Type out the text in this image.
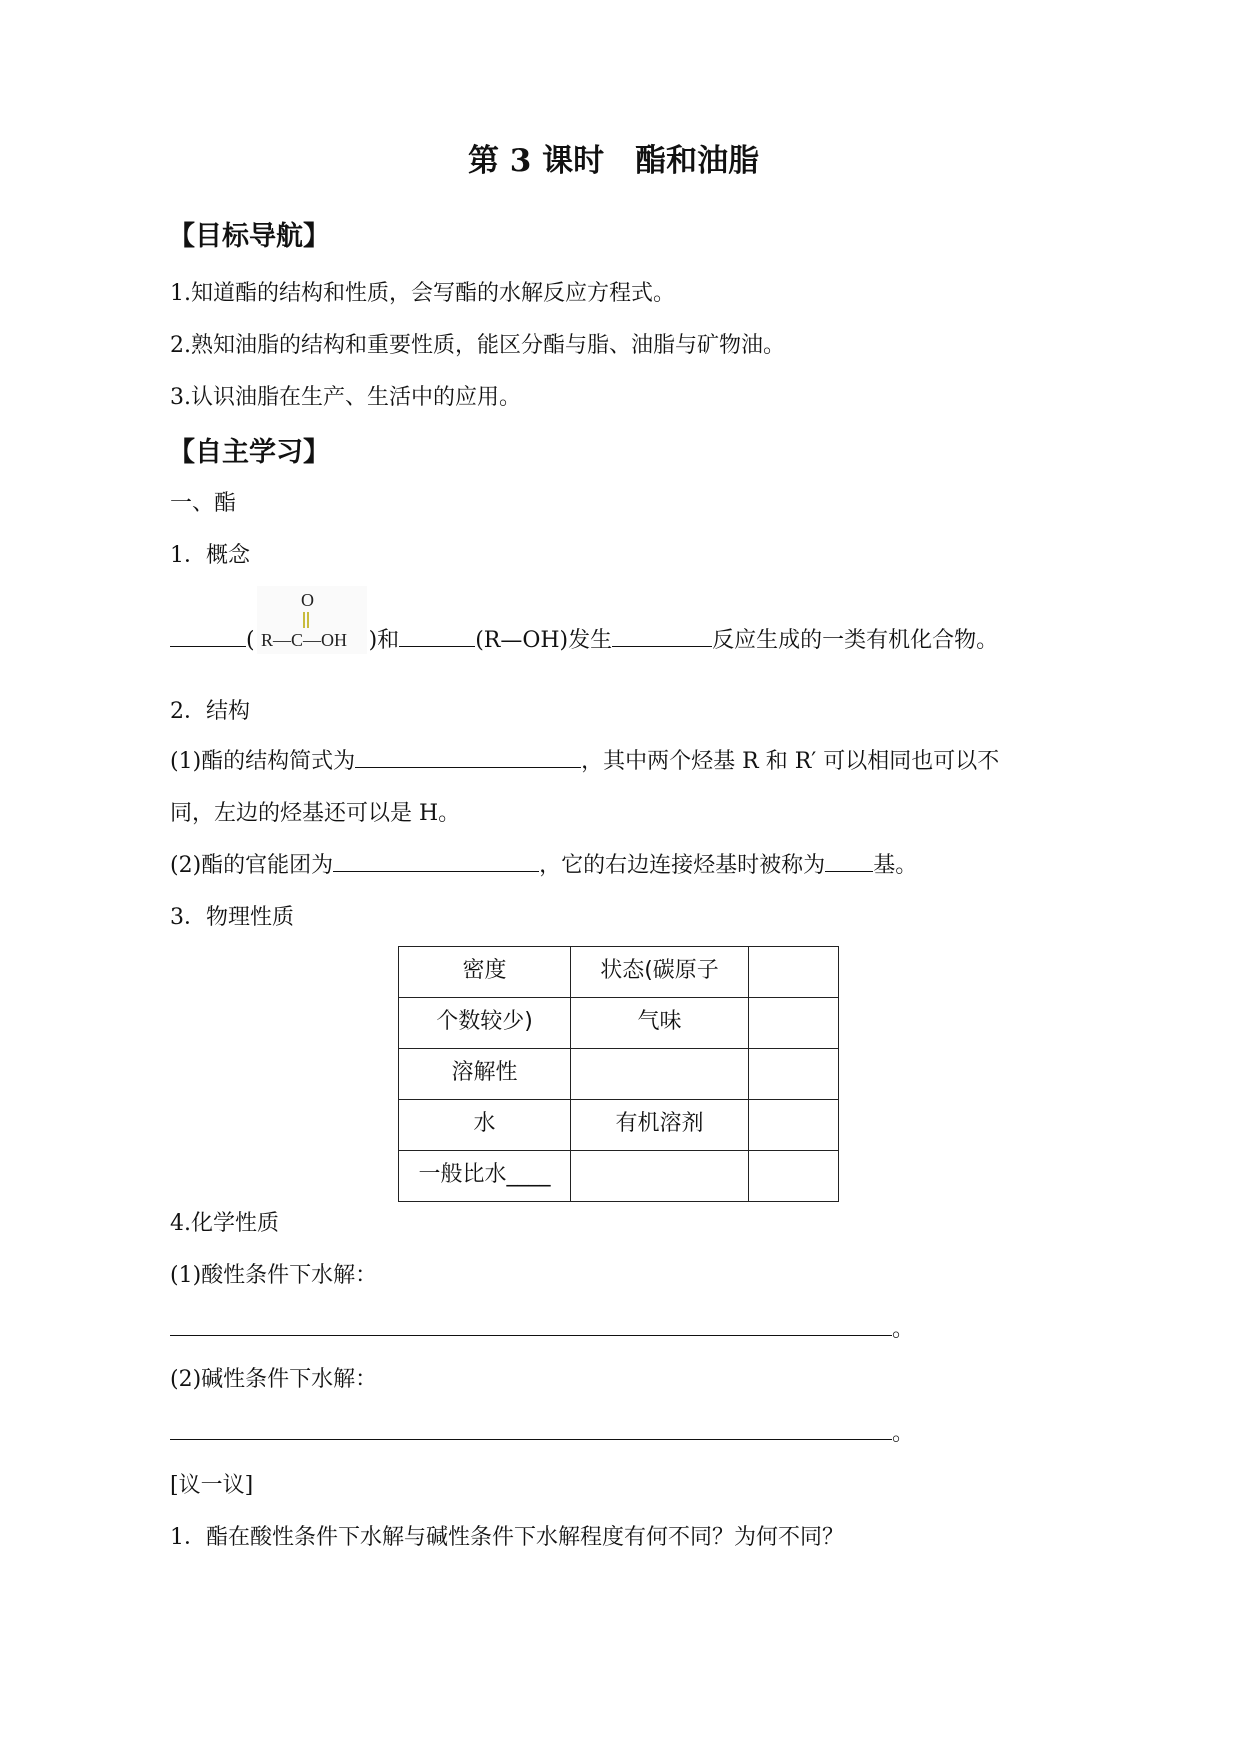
第 3 课时　酯和油脂
【目标导航】
1.知道酯的结构和性质，会写酯的水解反应方程式。
2.熟知油脂的结构和重要性质，能区分酯与脂、油脂与矿物油。
3.认识油脂在生产、生活中的应用。
【自主学习】
一、酯
1．概念
(
O
R—C—OH )和	(R—OH)发生	反应生成的一类有机化合物。
2．结构
(1)酯的结构简式为	，其中两个烃基 R 和 R′ 可以相同也可以不
同，左边的烃基还可以是 H。
(2)酯的官能团为	，它的右边连接烃基时被称为 基。
3．物理性质
密度	状态(碳原子	
个数较少)	气味	
溶解性		
水	有机溶剂	
一般比水____		
4.化学性质
(1)酸性条件下水解：
。
(2)碱性条件下水解：
。
[议一议]
1．酯在酸性条件下水解与碱性条件下水解程度有何不同？为何不同？
